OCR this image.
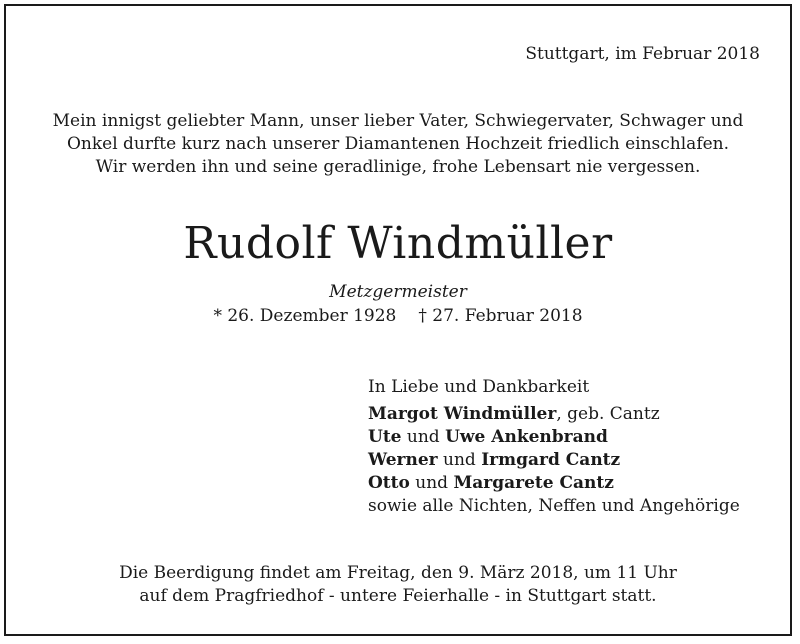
Stuttgart, im Februar 2018
Mein innigst geliebter Mann, unser lieber Vater, Schwiegervater, Schwager und
Onkel durfte kurz nach unserer Diamantenen Hochzeit friedlich einschlafen.
Wir werden ihn und seine geradlinige, frohe Lebensart nie vergessen.
Rudolf Windmüller
Metzgermeister
* 26. Dezember 1928 † 27. Februar 2018
In Liebe und Dankbarkeit
Margot Windmüller, geb. Cantz
Ute und Uwe Ankenbrand
Werner und Irmgard Cantz
Otto und Margarete Cantz
sowie alle Nichten, Neffen und Angehörige
Die Beerdigung findet am Freitag, den 9. März 2018, um 11 Uhr
auf dem Pragfriedhof - untere Feierhalle - in Stuttgart statt.
